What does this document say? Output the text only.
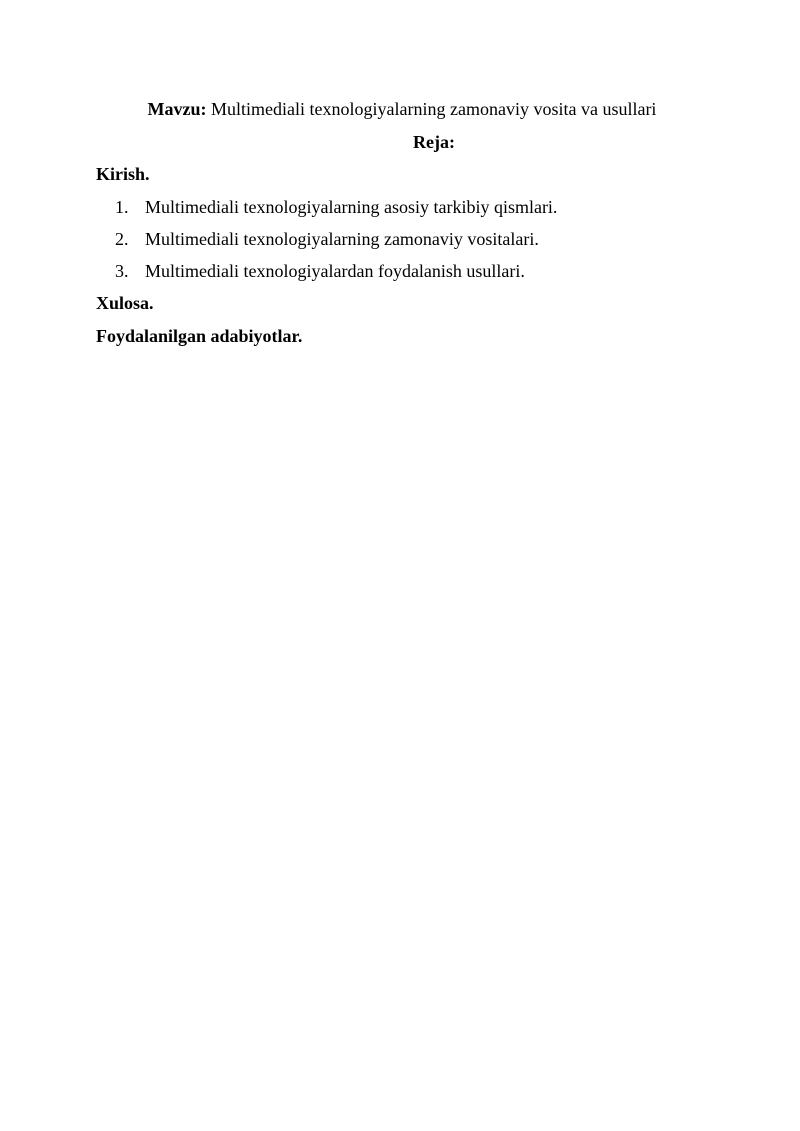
Mavzu: Multimediali texnologiyalarning zamonaviy vosita va usullari
Reja:
Kirish.
1. Multimediali texnologiyalarning asosiy tarkibiy qismlari.
2. Multimediali texnologiyalarning zamonaviy vositalari.
3. Multimediali texnologiyalardan foydalanish usullari.
Xulosa.
Foydalanilgan adabiyotlar.
